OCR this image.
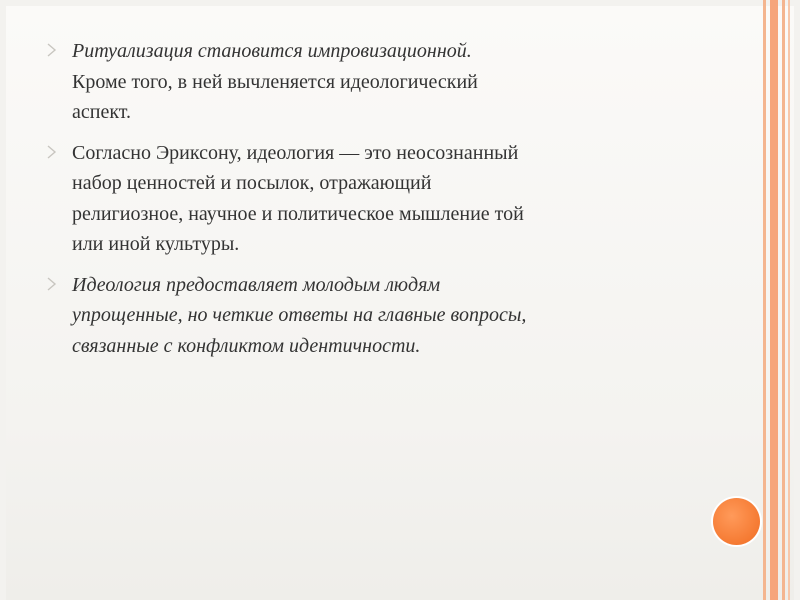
Ритуализация становится импровизационной.
Кроме того, в ней вычленяется идеологический
аспект.
Согласно Эриксону, идеология — это неосознанный
набор ценностей и посылок, отражающий
религиозное, научное и политическое мышление той
или иной культуры.
Идеология предоставляет молодым людям
упрощенные, но четкие ответы на главные вопросы,
связанные с конфликтом идентичности.
